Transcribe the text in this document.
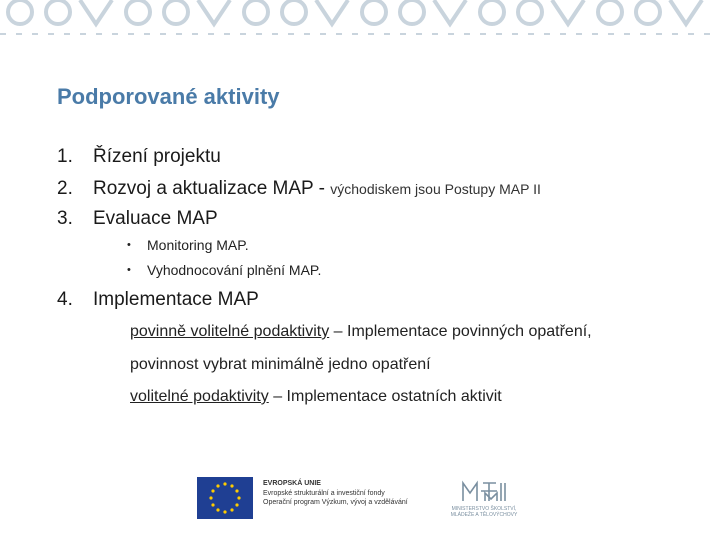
Podporované aktivity
1. Řízení projektu
2. Rozvoj a aktualizace MAP - východiskem jsou Postupy MAP II
3. Evaluace MAP
• Monitoring MAP.
• Vyhodnocování plnění MAP.
4. Implementace MAP
povinně volitelné podaktivity – Implementace povinných opatření,
povinnost vybrat minimálně jedno opatření
volitelné podaktivity – Implementace ostatních aktivit
EVROPSKÁ UNIE
Evropské strukturální a investiční fondy
Operační program Výzkum, vývoj a vzdělávání
MINISTERSTVO ŠKOLSTVÍ, MLÁDEŽE A TĚLOVÝCHOVY
